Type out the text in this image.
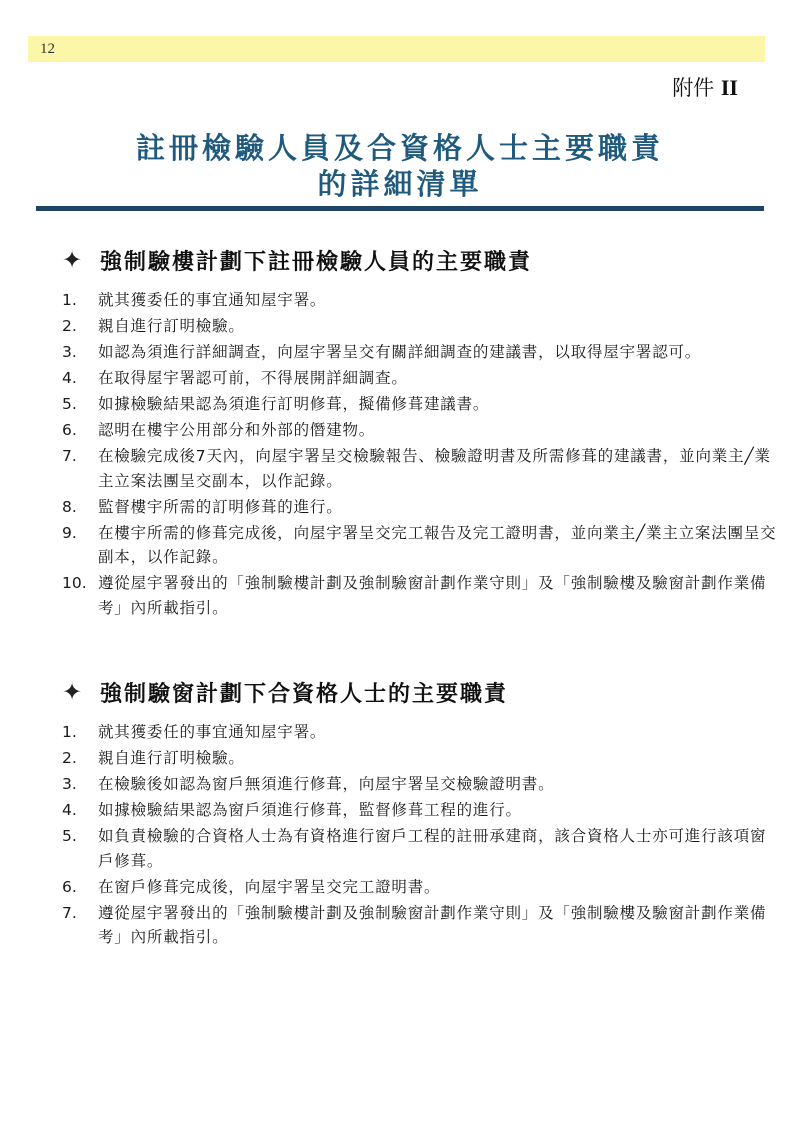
12
附件 II
註冊檢驗人員及合資格人士主要職責
的詳細清單
✦ 強制驗樓計劃下註冊檢驗人員的主要職責
1.	就其獲委任的事宜通知屋宇署。
2.	親自進行訂明檢驗。
3.	如認為須進行詳細調查，向屋宇署呈交有關詳細調查的建議書，以取得屋宇署認可。
4.	在取得屋宇署認可前，不得展開詳細調查。
5.	如據檢驗結果認為須進行訂明修葺，擬備修葺建議書。
6.	認明在樓宇公用部分和外部的僭建物。
7.	在檢驗完成後7天內，向屋宇署呈交檢驗報告、檢驗證明書及所需修葺的建議書，並向業主╱業主立案法團呈交副本，以作記錄。
8.	監督樓宇所需的訂明修葺的進行。
9.	在樓宇所需的修葺完成後，向屋宇署呈交完工報告及完工證明書，並向業主╱業主立案法團呈交副本，以作記錄。
10. 遵從屋宇署發出的「強制驗樓計劃及強制驗窗計劃作業守則」及「強制驗樓及驗窗計劃作業備考」內所載指引。
✦ 強制驗窗計劃下合資格人士的主要職責
1.	就其獲委任的事宜通知屋宇署。
2.	親自進行訂明檢驗。
3.	在檢驗後如認為窗戶無須進行修葺，向屋宇署呈交檢驗證明書。
4.	如據檢驗結果認為窗戶須進行修葺，監督修葺工程的進行。
5.	如負責檢驗的合資格人士為有資格進行窗戶工程的註冊承建商，該合資格人士亦可進行該項窗戶修葺。
6.	在窗戶修葺完成後，向屋宇署呈交完工證明書。
7.	遵從屋宇署發出的「強制驗樓計劃及強制驗窗計劃作業守則」及「強制驗樓及驗窗計劃作業備考」內所載指引。
